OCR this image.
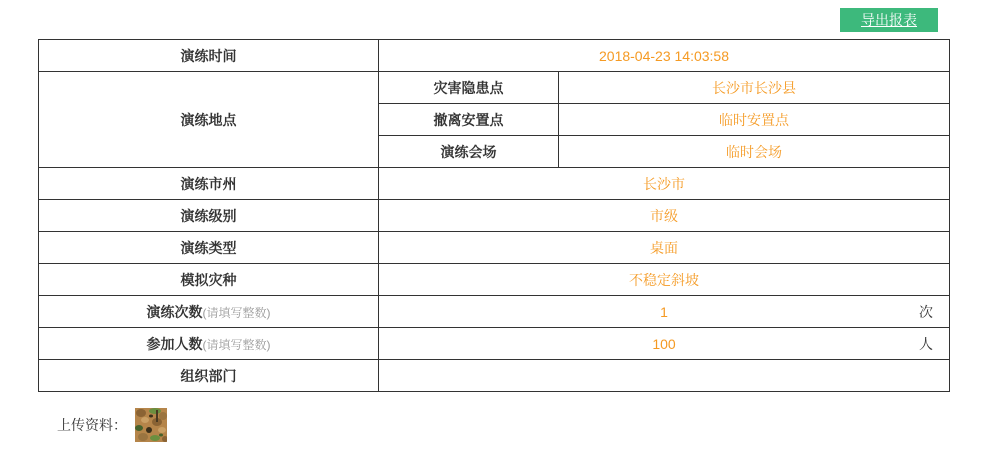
导出报表
演练时间	2018-04-23 14:03:58	
演练地点	灾害隐患点	长沙市长沙县
	撤离安置点	临时安置点
	演练会场	临时会场
演练市州	长沙市	
演练级别	市级	
演练类型	桌面	
模拟灾种	不稳定斜坡	
演练次数(请填写整数)	1 次	

参加人数(请填写整数)	100 人	

组织部门		
上传资料：
